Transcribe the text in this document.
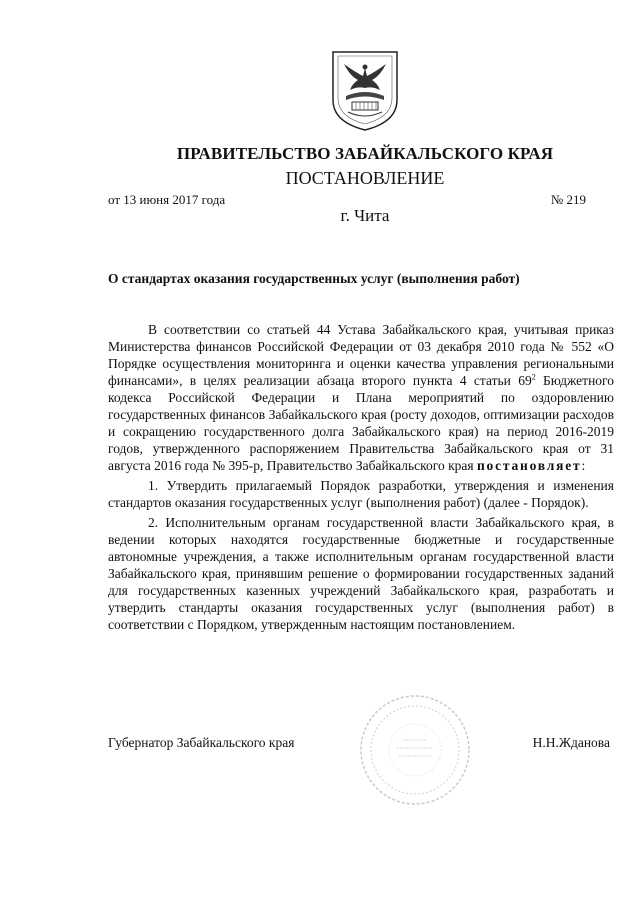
ПРАВИТЕЛЬСТВО ЗАБАЙКАЛЬСКОГО КРАЯ
ПОСТАНОВЛЕНИЕ
от 13 июня 2017 года	№ 219
г. Чита
О стандартах оказания государственных услуг (выполнения работ)

В соответствии со статьей 44 Устава Забайкальского края, учитывая приказ Министерства финансов Российской Федерации от 03 декабря 2010 года № 552 «О Порядке осуществления мониторинга и оценки качества управления региональными финансами», в целях реализации абзаца второго пункта 4 статьи $69^2$ Бюджетного кодекса Российской Федерации и Плана мероприятий по оздоровлению государственных финансов Забайкальского края (росту доходов, оптимизации расходов и сокращению государственного долга Забайкальского края) на период 2016-2019 годов, утвержденного распоряжением Правительства Забайкальского края от 31 августа 2016 года № 395-р, Правительство Забайкальского края постановляет:

1. Утвердить прилагаемый Порядок разработки, утверждения и изменения стандартов оказания государственных услуг (выполнения работ) (далее - Порядок).

2. Исполнительным органам государственной власти Забайкальского края, в ведении которых находятся государственные бюджетные и государственные автономные учреждения, а также исполнительным органам государственной власти Забайкальского края, принявшим решение о формировании государственных заданий для государственных казенных учреждений Забайкальского края, разработать и утвердить стандарты оказания государственных услуг (выполнения работ) в соответствии с Порядком, утвержденным настоящим постановлением.

Губернатор Забайкальского края	Н.Н.Жданова
